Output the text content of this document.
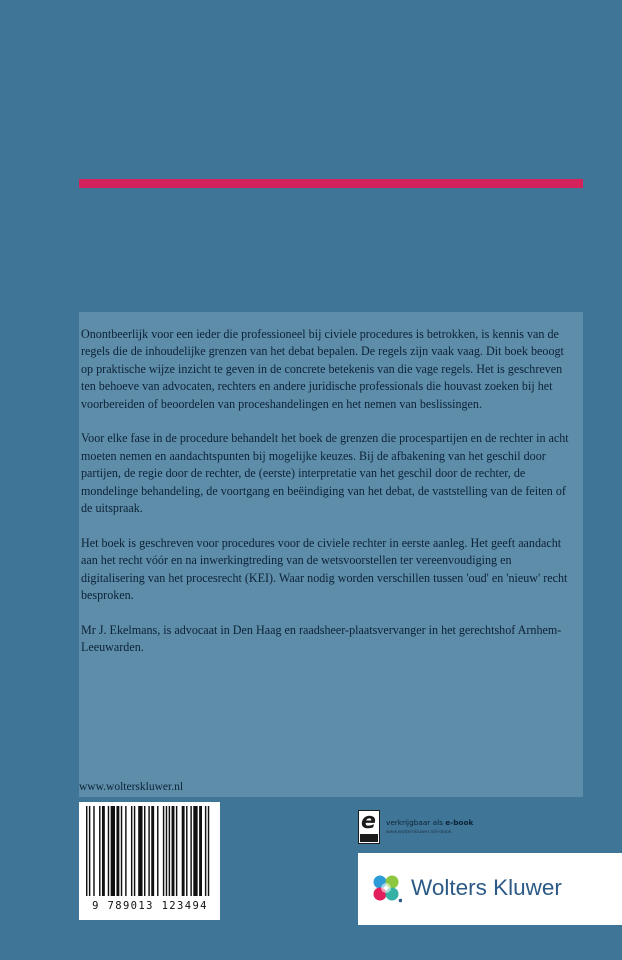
Onontbeerlijk voor een ieder die professioneel bij civiele procedures is betrokken, is kennis van de regels die de inhoudelijke grenzen van het debat bepalen. De regels zijn vaak vaag. Dit boek beoogt op praktische wijze inzicht te geven in de concrete betekenis van die vage regels. Het is geschreven ten behoeve van advocaten, rechters en andere juridische professionals die houvast zoeken bij het voorbereiden of beoordelen van proceshandelingen en het nemen van beslissingen.

Voor elke fase in de procedure behandelt het boek de grenzen die procespartijen en de rechter in acht moeten nemen en aandachtspunten bij mogelijke keuzes. Bij de afbakening van het geschil door partijen, de regie door de rechter, de (eerste) interpretatie van het geschil door de rechter, de mondelinge behandeling, de voortgang en beëindiging van het debat, de vaststelling van de feiten of de uitspraak.

Het boek is geschreven voor procedures voor de civiele rechter in eerste aanleg. Het geeft aandacht aan het recht vóór en na inwerkingtreding van de wetsvoorstellen ter vereenvoudiging en digitalisering van het procesrecht (KEI). Waar nodig worden verschillen tussen 'oud' en 'nieuw' recht besproken.

Mr J. Ekelmans, is advocaat in Den Haag en raadsheer-plaatsvervanger in het gerechtshof Arnhem-Leeuwarden.

www.wolterskluwer.nl
9 789013 123494
e verkrijgbaar als e-book
www.wolterskluwer.nl/e-book
Wolters Kluwer
